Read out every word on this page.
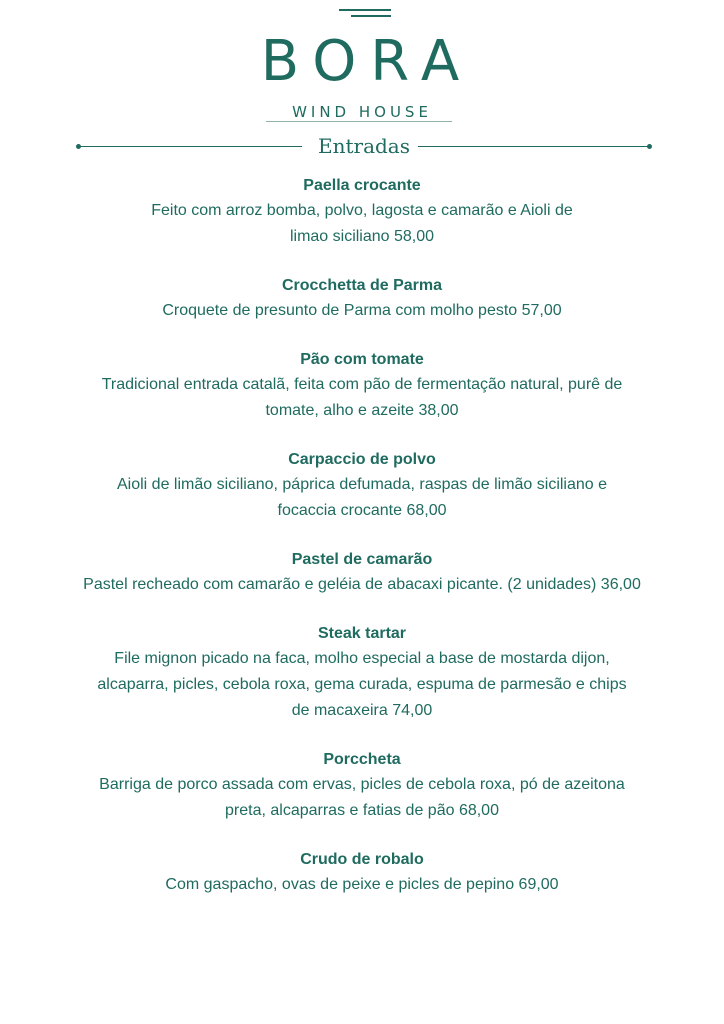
BORA
WIND HOUSE
Entradas
Paella crocante
Feito com arroz bomba, polvo, lagosta e camarão e Aioli de
limao siciliano 58,00
Crocchetta de Parma
Croquete de presunto de Parma com molho pesto 57,00
Pão com tomate
Tradicional entrada catalã, feita com pão de fermentação natural, purê de
tomate, alho e azeite 38,00
Carpaccio de polvo
Aioli de limão siciliano, páprica defumada, raspas de limão siciliano e
focaccia crocante 68,00
Pastel de camarão
Pastel recheado com camarão e geléia de abacaxi picante. (2 unidades) 36,00
Steak tartar
File mignon picado na faca, molho especial a base de mostarda dijon,
alcaparra, picles, cebola roxa, gema curada, espuma de parmesão e chips
de macaxeira 74,00
Porccheta
Barriga de porco assada com ervas, picles de cebola roxa, pó de azeitona
preta, alcaparras e fatias de pão 68,00
Crudo de robalo
Com gaspacho, ovas de peixe e picles de pepino 69,00
